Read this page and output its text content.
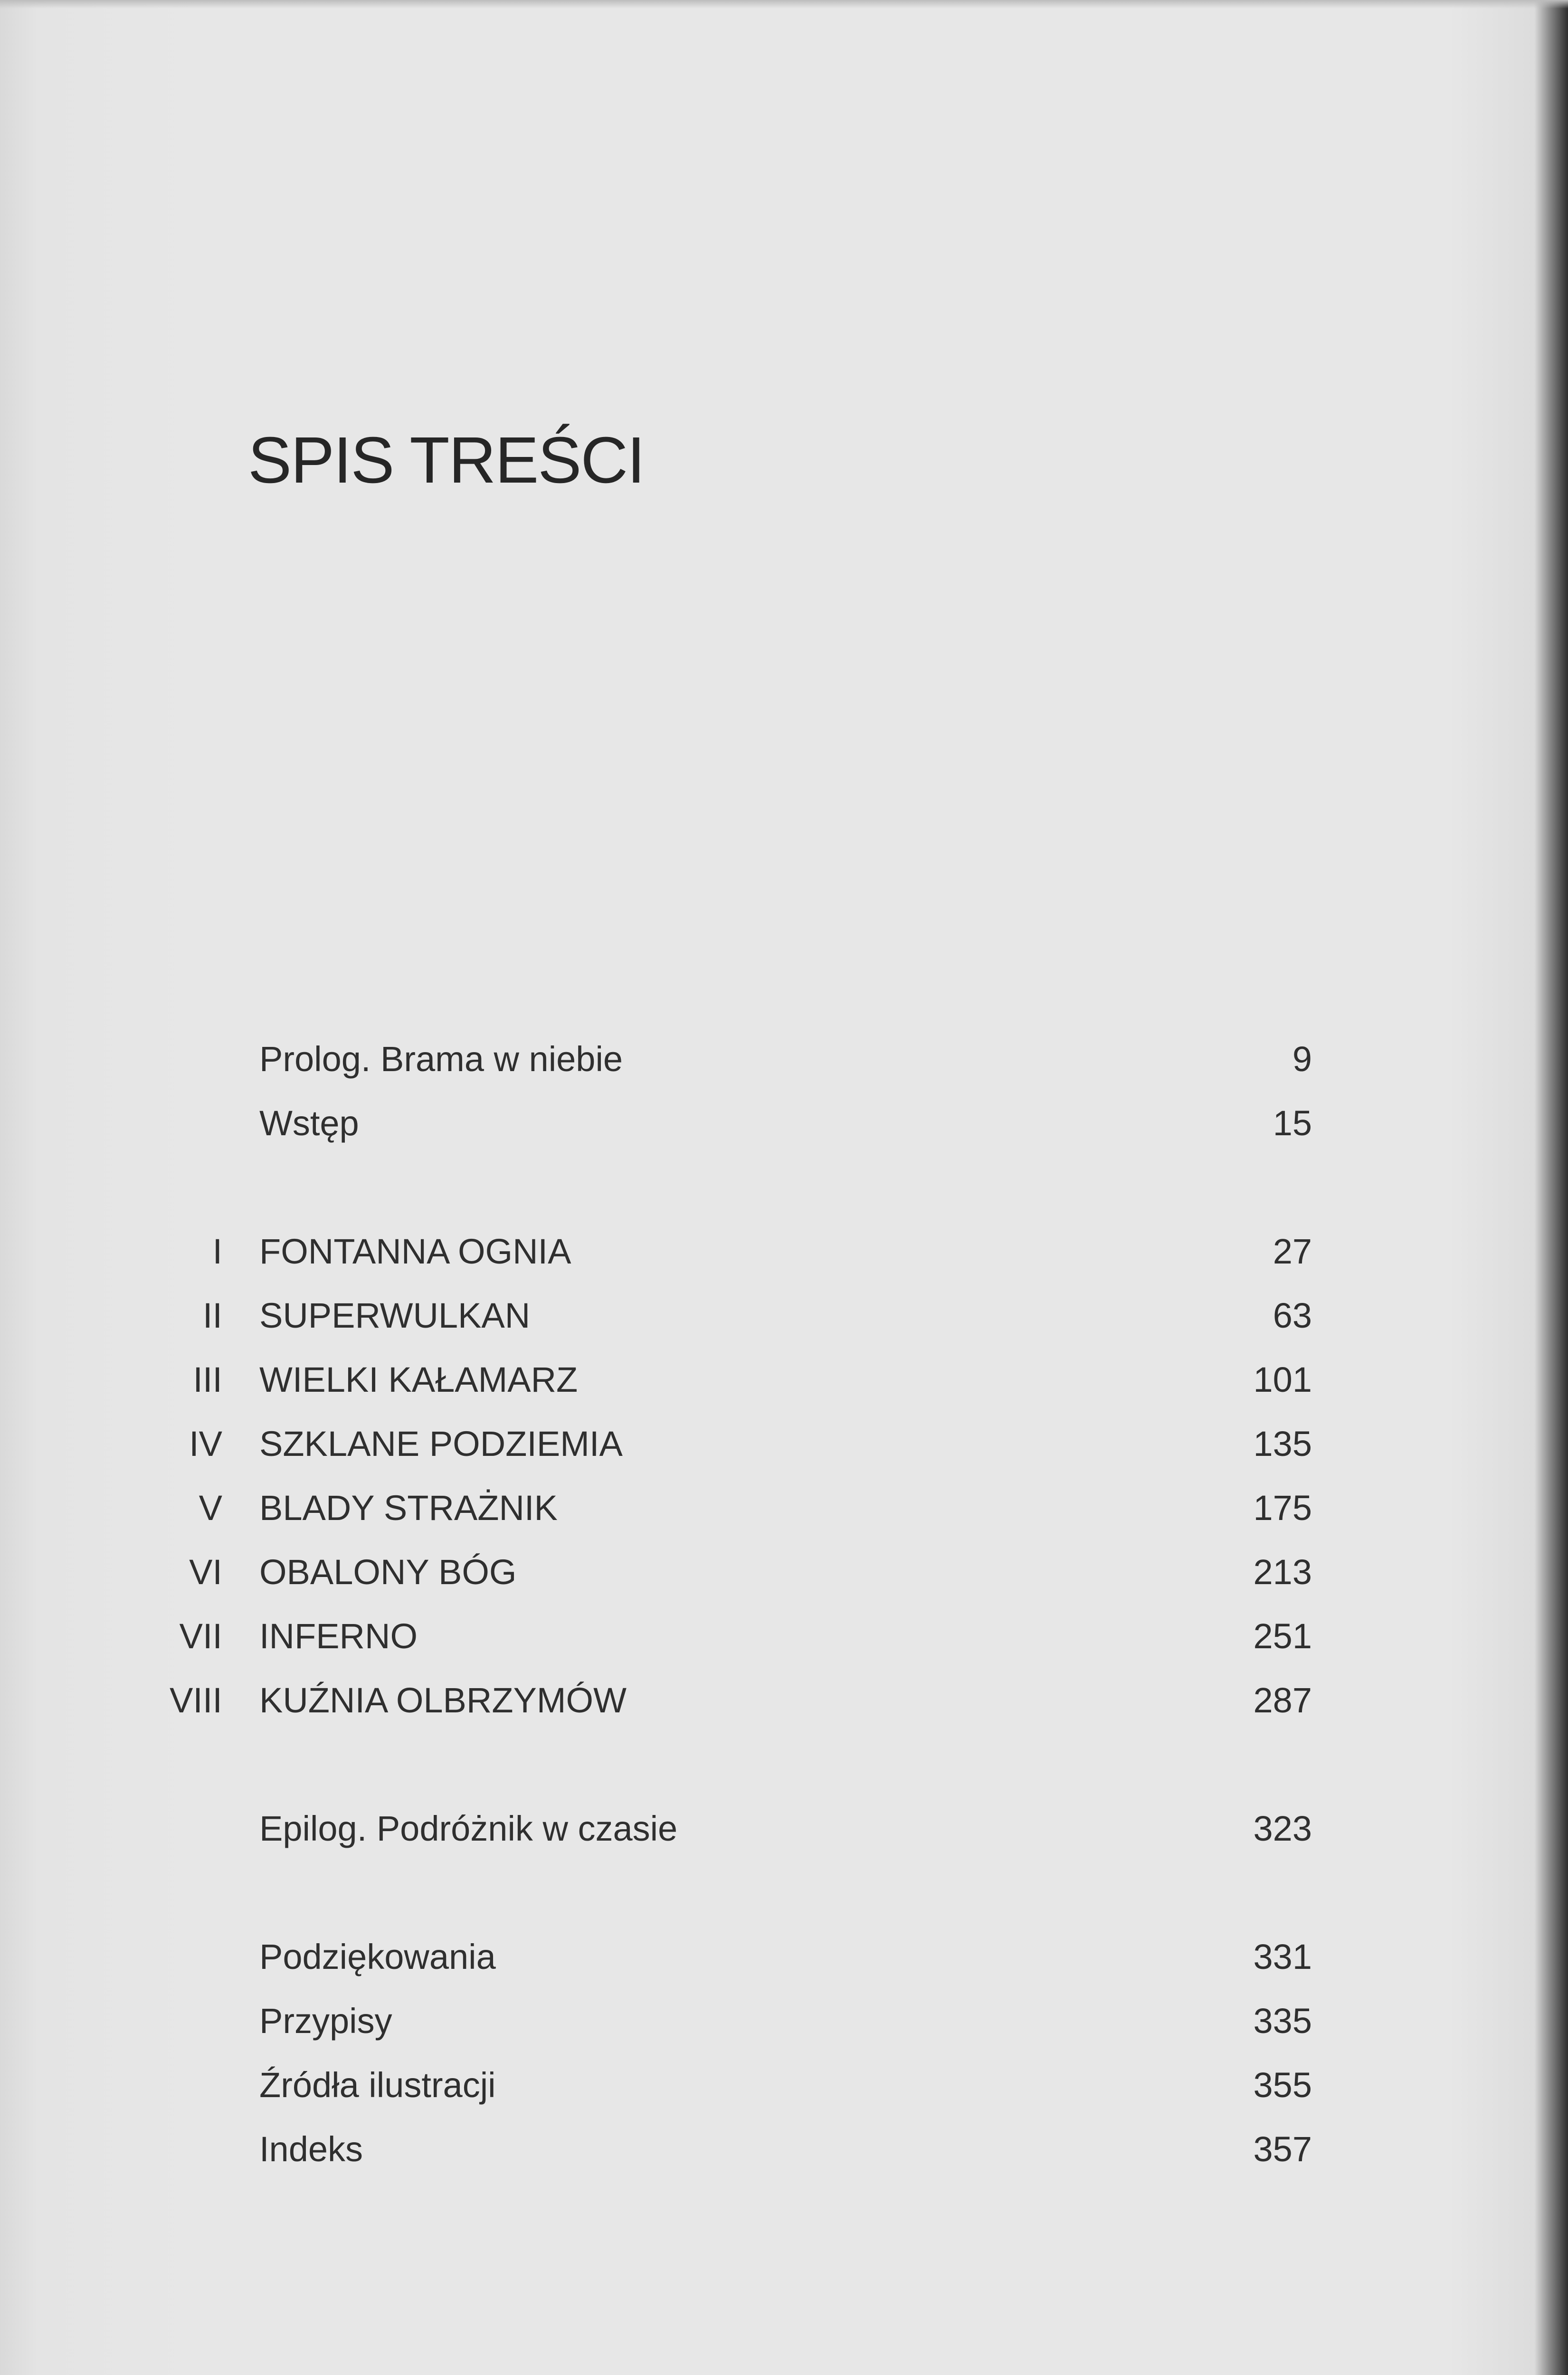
SPIS TREŚCI
Prolog. Brama w niebie	9
Wstęp	15
I FONTANNA OGNIA	27
II SUPERWULKAN	63
III WIELKI KAŁAMARZ	101
IV SZKLANE PODZIEMIA	135
V BLADY STRAŻNIK	175
VI OBALONY BÓG	213
VII INFERNO	251
VIII KUŹNIA OLBRZYMÓW	287
Epilog. Podróżnik w czasie	323
Podziękowania	331
Przypisy	335
Źródła ilustracji	355
Indeks	357
